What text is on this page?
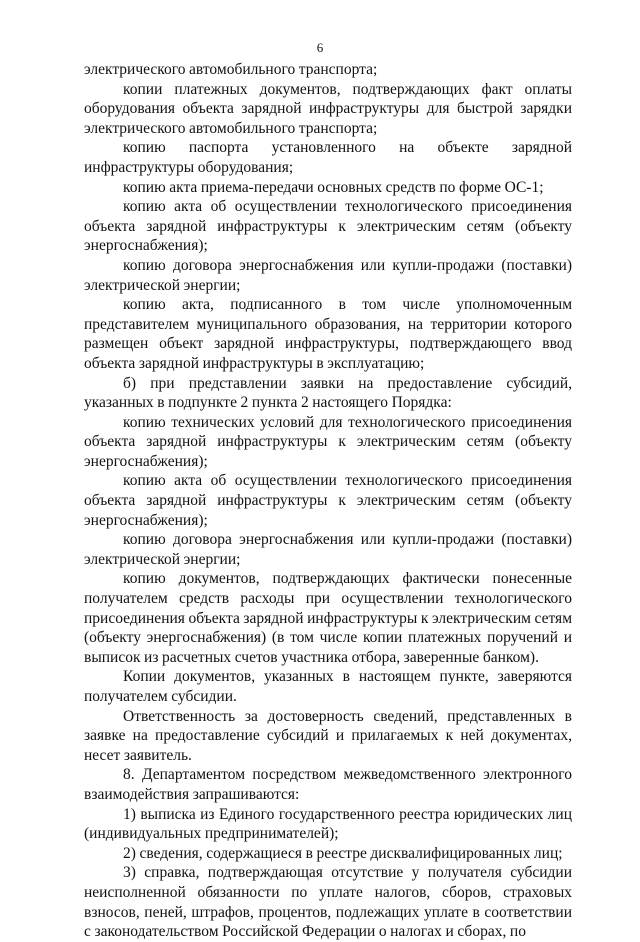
6

электрического автомобильного транспорта;

копии платежных документов, подтверждающих факт оплаты оборудования объекта зарядной инфраструктуры для быстрой зарядки электрического автомобильного транспорта;

копию паспорта установленного на объекте зарядной инфраструктуры оборудования;

копию акта приема-передачи основных средств по форме ОС-1;

копию акта об осуществлении технологического присоединения объекта зарядной инфраструктуры к электрическим сетям (объекту энергоснабжения);

копию договора энергоснабжения или купли-продажи (поставки) электрической энергии;

копию акта, подписанного в том числе уполномоченным представителем муниципального образования, на территории которого размещен объект зарядной инфраструктуры, подтверждающего ввод объекта зарядной инфраструктуры в эксплуатацию;

б) при представлении заявки на предоставление субсидий, указанных в подпункте 2 пункта 2 настоящего Порядка:

копию технических условий для технологического присоединения объекта зарядной инфраструктуры к электрическим сетям (объекту энергоснабжения);

копию акта об осуществлении технологического присоединения объекта зарядной инфраструктуры к электрическим сетям (объекту энергоснабжения);

копию договора энергоснабжения или купли-продажи (поставки) электрической энергии;

копию документов, подтверждающих фактически понесенные получателем средств расходы при осуществлении технологического присоединения объекта зарядной инфраструктуры к электрическим сетям (объекту энергоснабжения) (в том числе копии платежных поручений и выписок из расчетных счетов участника отбора, заверенные банком).

Копии документов, указанных в настоящем пункте, заверяются получателем субсидии.

Ответственность за достоверность сведений, представленных в заявке на предоставление субсидий и прилагаемых к ней документах, несет заявитель.

8. Департаментом посредством межведомственного электронного взаимодействия запрашиваются:

1) выписка из Единого государственного реестра юридических лиц (индивидуальных предпринимателей);

2) сведения, содержащиеся в реестре дисквалифицированных лиц;

3) справка, подтверждающая отсутствие у получателя субсидии неисполненной обязанности по уплате налогов, сборов, страховых взносов, пеней, штрафов, процентов, подлежащих уплате в соответствии с законодательством Российской Федерации о налогах и сборах, по
